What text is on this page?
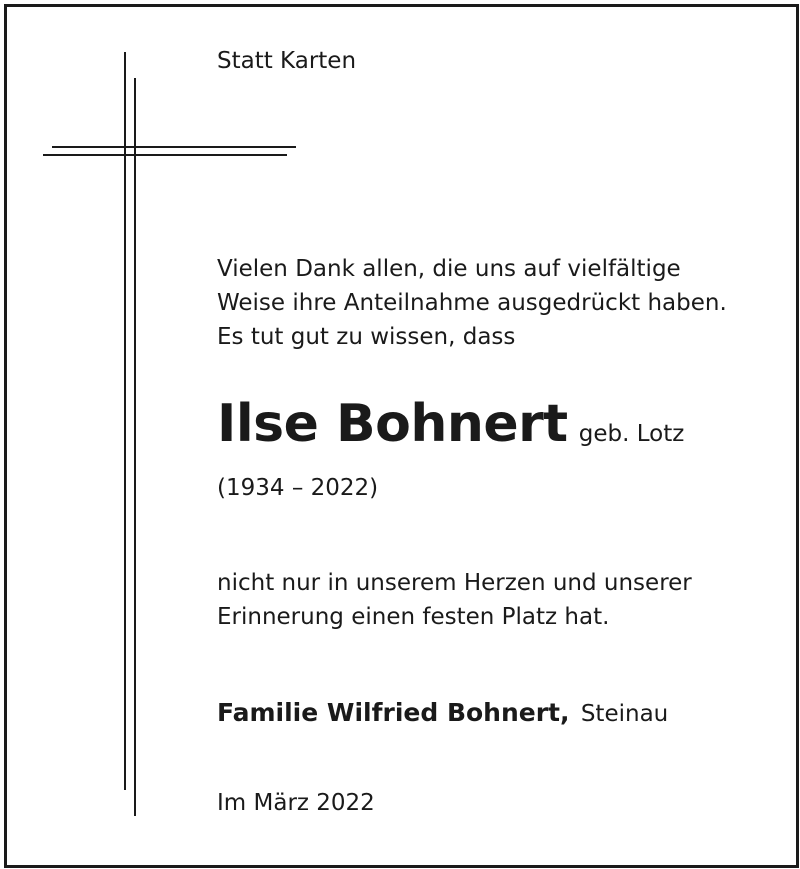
Statt Karten
Vielen Dank allen, die uns auf vielfältige
Weise ihre Anteilnahme ausgedrückt haben.
Es tut gut zu wissen, dass
Ilse Bohnert geb. Lotz
(1934 – 2022)
nicht nur in unserem Herzen und unserer
Erinnerung einen festen Platz hat.
Familie Wilfried Bohnert, Steinau
Im März 2022
